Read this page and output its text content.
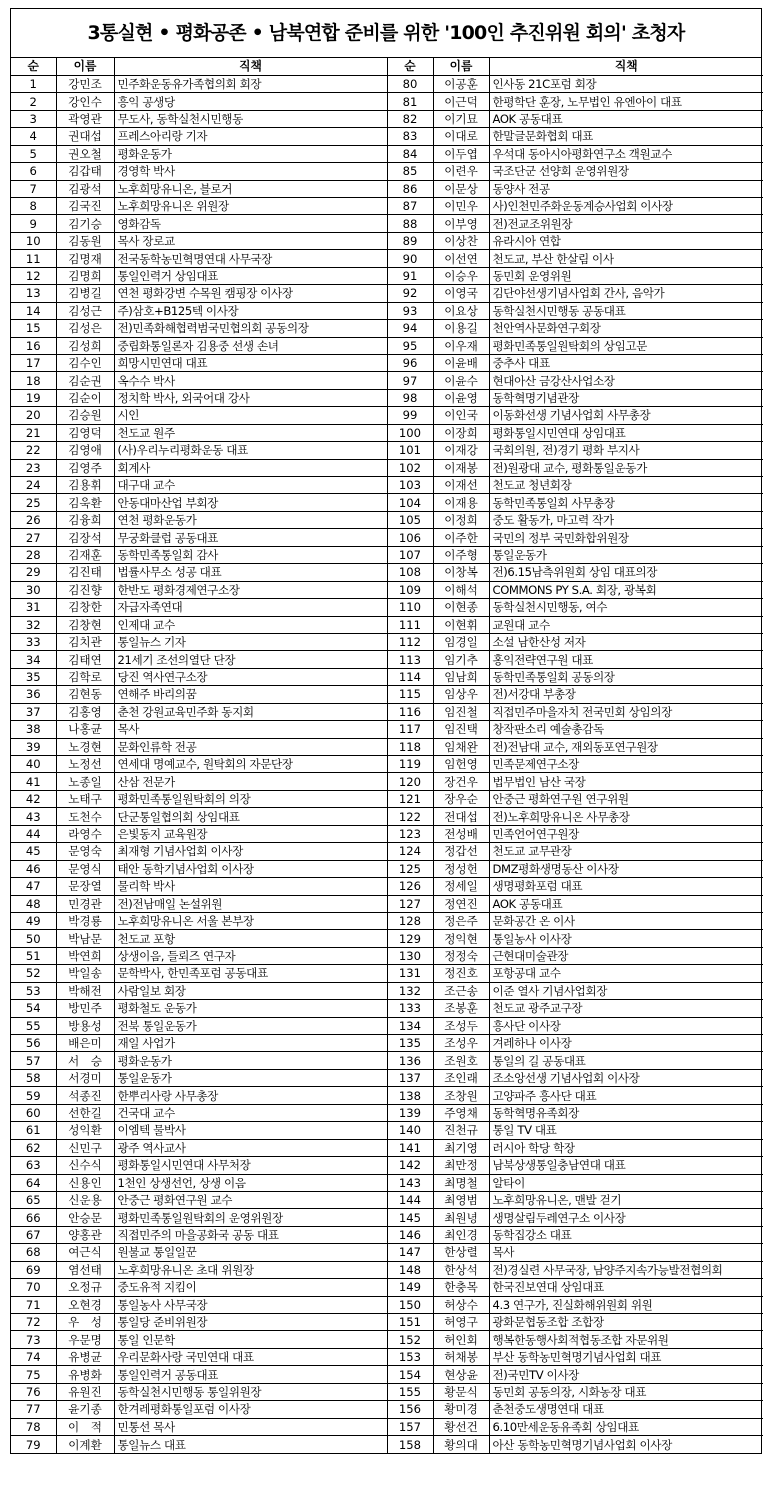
3통실현 • 평화공존 • 남북연합 준비를 위한 '100인 추진위원 회의' 초청자
순	이름	직책	순	이름	직책
1	강민조	민주화운동유가족협의회 회장	80	이공훈	인사동 21C포럼 회장
2	강인수	흥익 공생당	81	이근덕	한평학단 훈장, 노무법인 유엔아이 대표
3	곽영관	무도사, 동학실천시민행동	82	이기묘	AOK 공동대표
4	권대섭	프레스아리랑 기자	83	이대로	한말글문화협회 대표
5	권오철	평화운동가	84	이두엽	우석대 동아시아평화연구소 객원교수
6	김갑태	경영학 박사	85	이련우	국조단군 선양회 운영위원장
7	김광석	노후희망유니온, 블로거	86	이문상	동양사 전공
8	김국진	노후희망유니온 위원장	87	이민우	사)인천민주화운동계승사업회 이사장
9	김기승	영화감독	88	이부영	전)전교조위원장
10	김동원	목사 장로교	89	이상찬	유라시아 연합
11	김명재	전국동학농민혁명연대 사무국장	90	이선연	천도교, 부산 한살림 이사
12	김명희	통일인력거 상임대표	91	이승우	동민회 운영위원
13	김병길	연천 평화강변 수목원 캠핑장 이사장	92	이영국	김단야선생기념사업회 간사, 음악가
14	김성근	주)삼호+B125텍 이사장	93	이요상	동학실천시민행동 공동대표
15	김성은	전)민족화해협력범국민협의회 공동의장	94	이용길	천안역사문화연구회장
16	김성희	중립화통일론자 김용중 선생 손녀	95	이우재	평화민족통일원탁회의 상임고문
17	김수인	희망시민연대 대표	96	이윤배	중추사 대표
18	김순권	옥수수 박사	97	이윤수	현대아산 금강산사업소장
19	김순이	정치학 박사, 외국어대 강사	98	이윤영	동학혁명기념관장
20	김승원	시인	99	이인국	이동화선생 기념사업회 사무총장
21	김영덕	천도교 원주	100	이장희	평화통일시민연대 상임대표
22	김영애	(사)우리누리평화운동 대표	101	이재강	국회의원, 전)경기 평화 부지사
23	김영주	회계사	102	이재봉	전)원광대 교수, 평화통일운동가
24	김용휘	대구대 교수	103	이재선	천도교 청년회장
25	김욱환	안동대마산업 부회장	104	이재용	동학민족통일회 사무총장
26	김융희	연천 평화운동가	105	이정희	중도 활동가, 마고력 작가
27	김장석	무궁화클럽 공동대표	106	이주한	국민의 정부 국민화합위원장
28	김재훈	동학민족통일회 감사	107	이주형	통일운동가
29	김진태	법률사무소 성공 대표	108	이창복	전)6.15남측위원회 상임 대표의장
30	김진향	한반도 평화경제연구소장	109	이해석	COMMONS PY S.A. 회장, 광복회
31	김창한	자급자족연대	110	이현종	동학실천시민행동, 여수
32	김창현	인제대 교수	111	이현휘	교원대 교수
33	김치관	통일뉴스 기자	112	임경일	소설 남한산성 저자
34	김태연	21세기 조선의열단 단장	113	임기추	홍익전략연구원 대표
35	김학로	당진 역사연구소장	114	임남희	동학민족통일회 공동의장
36	김현동	연해주 바리의꿈	115	임상우	전)서강대 부총장
37	김홍영	춘천 강원교육민주화 동지회	116	임진철	직접민주마을자치 전국민회 상임의장
38	나홍균	목사	117	임진택	창작판소리 예술총감독
39	노경현	문화인류학 전공	118	임채완	전)전남대 교수, 재외동포연구원장
40	노정선	연세대 명예교수, 원탁회의 자문단장	119	임헌영	민족문제연구소장
41	노종일	산삼 전문가	120	장건우	법무법인 남산 국장
42	노태구	평화민족통일원탁회의 의장	121	장우순	안중근 평화연구원 연구위원
43	도천수	단군통일협의회 상임대표	122	전대섭	전)노후희망유니온 사무총장
44	라영수	은빛동지 교육원장	123	전성배	민족언어연구원장
45	문영숙	최재형 기념사업회 이사장	124	정갑선	천도교 교무관장
46	문영식	태안 동학기념사업회 이사장	125	정성헌	DMZ평화생명동산 이사장
47	문장열	물리학 박사	126	정세일	생명평화포럼 대표
48	민경관	전)전남매일 논설위원	127	정연진	AOK 공동대표
49	박경룡	노후희망유니온 서울 본부장	128	정은주	문화공간 온 이사
50	박남문	천도교 포항	129	정익현	통일농사 이사장
51	박연희	상생이음, 들뢰즈 연구자	130	정정숙	근현대미술관장
52	박일송	문학박사, 한민족포럼 공동대표	131	정진호	포항공대 교수
53	박해전	사람일보 회장	132	조근송	이준 열사 기념사업회장
54	방민주	평화철도 운동가	133	조봉훈	천도교 광주교구장
55	방용성	전북 통일운동가	134	조성두	흥사단 이사장
56	배은미	재일 사업가	135	조성우	겨레하나 이사장
57	서　승	평화운동가	136	조원호	통일의 길 공동대표
58	서경미	통일운동가	137	조인래	조소앙선생 기념사업회 이사장
59	석종진	한뿌리사랑 사무총장	138	조창원	고양파주 흥사단 대표
60	선한길	건국대 교수	139	주영채	동학혁명유족회장
61	성익환	이엠텍 물박사	140	진천규	통일 TV 대표
62	신민구	광주 역사교사	141	최기영	러시아 학당 학장
63	신수식	평화통일시민연대 사무처장	142	최만정	남북상생통일충남연대 대표
64	신용인	1천인 상생선언, 상생 이음	143	최명철	알타이
65	신운용	안중근 평화연구원 교수	144	최영범	노후희망유니온, 맨발 걷기
66	안승문	평화민족통일원탁회의 운영위원장	145	최원녕	생명살림두레연구소 이사장
67	양홍관	직접민주의 마을공화국 공동 대표	146	최인경	동학집강소 대표
68	여근식	원불교 통일일꾼	147	한상렬	목사
69	염선태	노후희망유니온 초대 위원장	148	한상석	전)경실련 사무국장, 남양주지속가능발전협의회
70	오정규	중도유적 지킴이	149	한충목	한국진보연대 상임대표
71	오현경	통일농사 사무국장	150	허상수	4.3 연구가, 진실화해위원회 위원
72	우　성	통일당 준비위원장	151	허영구	광화문협동조합 조합장
73	우문명	통일 인문학	152	허인회	행복한동행사회적협동조합 자문위원
74	유병균	우리문화사랑 국민연대 대표	153	허채봉	부산 동학농민혁명기념사업회 대표
75	유병화	통일인력거 공동대표	154	현상윤	전)국민TV 이사장
76	유원진	동학실천시민행동 통일위원장	155	황문식	동민회 공동의장, 시화농장 대표
77	윤기종	한겨레평화통일포럼 이사장	156	황미경	춘천중도생명연대 대표
78	이　적	민통선 목사	157	황선건	6.10만세운동유족회 상임대표
79	이계환	통일뉴스 대표	158	황의대	아산 동학농민혁명기념사업회 이사장
